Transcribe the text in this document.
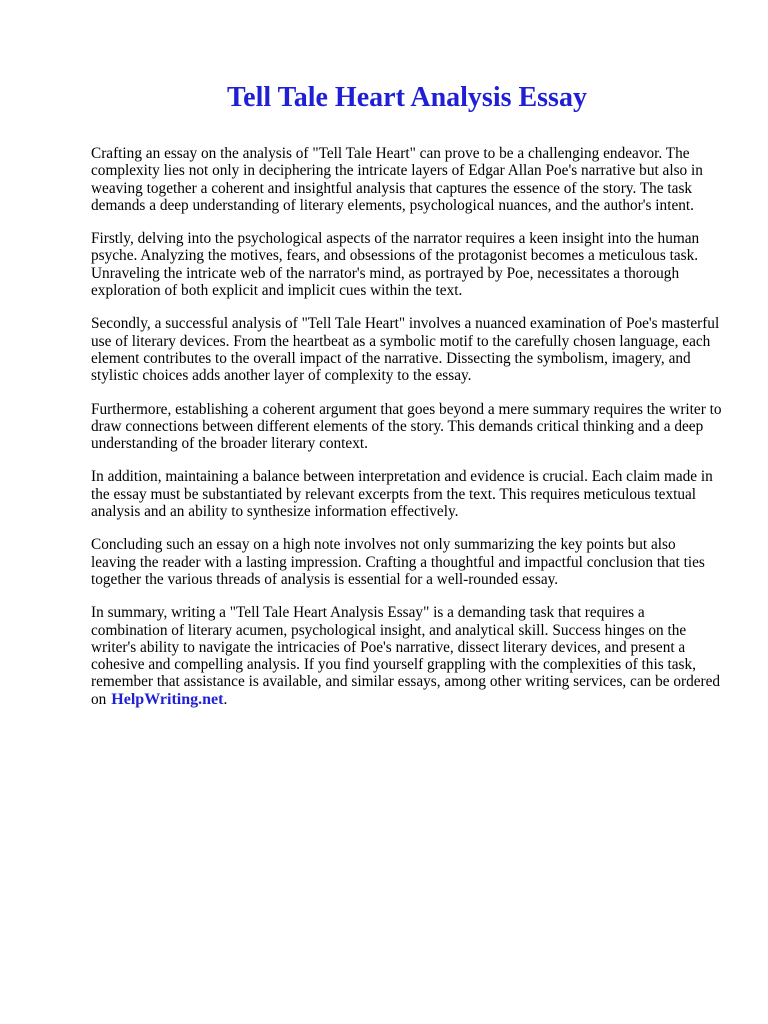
Tell Tale Heart Analysis Essay

Crafting an essay on the analysis of "Tell Tale Heart" can prove to be a challenging endeavor. The complexity lies not only in deciphering the intricate layers of Edgar Allan Poe's narrative but also in weaving together a coherent and insightful analysis that captures the essence of the story. The task demands a deep understanding of literary elements, psychological nuances, and the author's intent.

Firstly, delving into the psychological aspects of the narrator requires a keen insight into the human psyche. Analyzing the motives, fears, and obsessions of the protagonist becomes a meticulous task. Unraveling the intricate web of the narrator's mind, as portrayed by Poe, necessitates a thorough exploration of both explicit and implicit cues within the text.

Secondly, a successful analysis of "Tell Tale Heart" involves a nuanced examination of Poe's masterful use of literary devices. From the heartbeat as a symbolic motif to the carefully chosen language, each element contributes to the overall impact of the narrative. Dissecting the symbolism, imagery, and stylistic choices adds another layer of complexity to the essay.

Furthermore, establishing a coherent argument that goes beyond a mere summary requires the writer to draw connections between different elements of the story. This demands critical thinking and a deep understanding of the broader literary context.

In addition, maintaining a balance between interpretation and evidence is crucial. Each claim made in the essay must be substantiated by relevant excerpts from the text. This requires meticulous textual analysis and an ability to synthesize information effectively.

Concluding such an essay on a high note involves not only summarizing the key points but also leaving the reader with a lasting impression. Crafting a thoughtful and impactful conclusion that ties together the various threads of analysis is essential for a well-rounded essay.

In summary, writing a "Tell Tale Heart Analysis Essay" is a demanding task that requires a combination of literary acumen, psychological insight, and analytical skill. Success hinges on the writer's ability to navigate the intricacies of Poe's narrative, dissect literary devices, and present a cohesive and compelling analysis. If you find yourself grappling with the complexities of this task, remember that assistance is available, and similar essays, among other writing services, can be ordered on HelpWriting.net.
